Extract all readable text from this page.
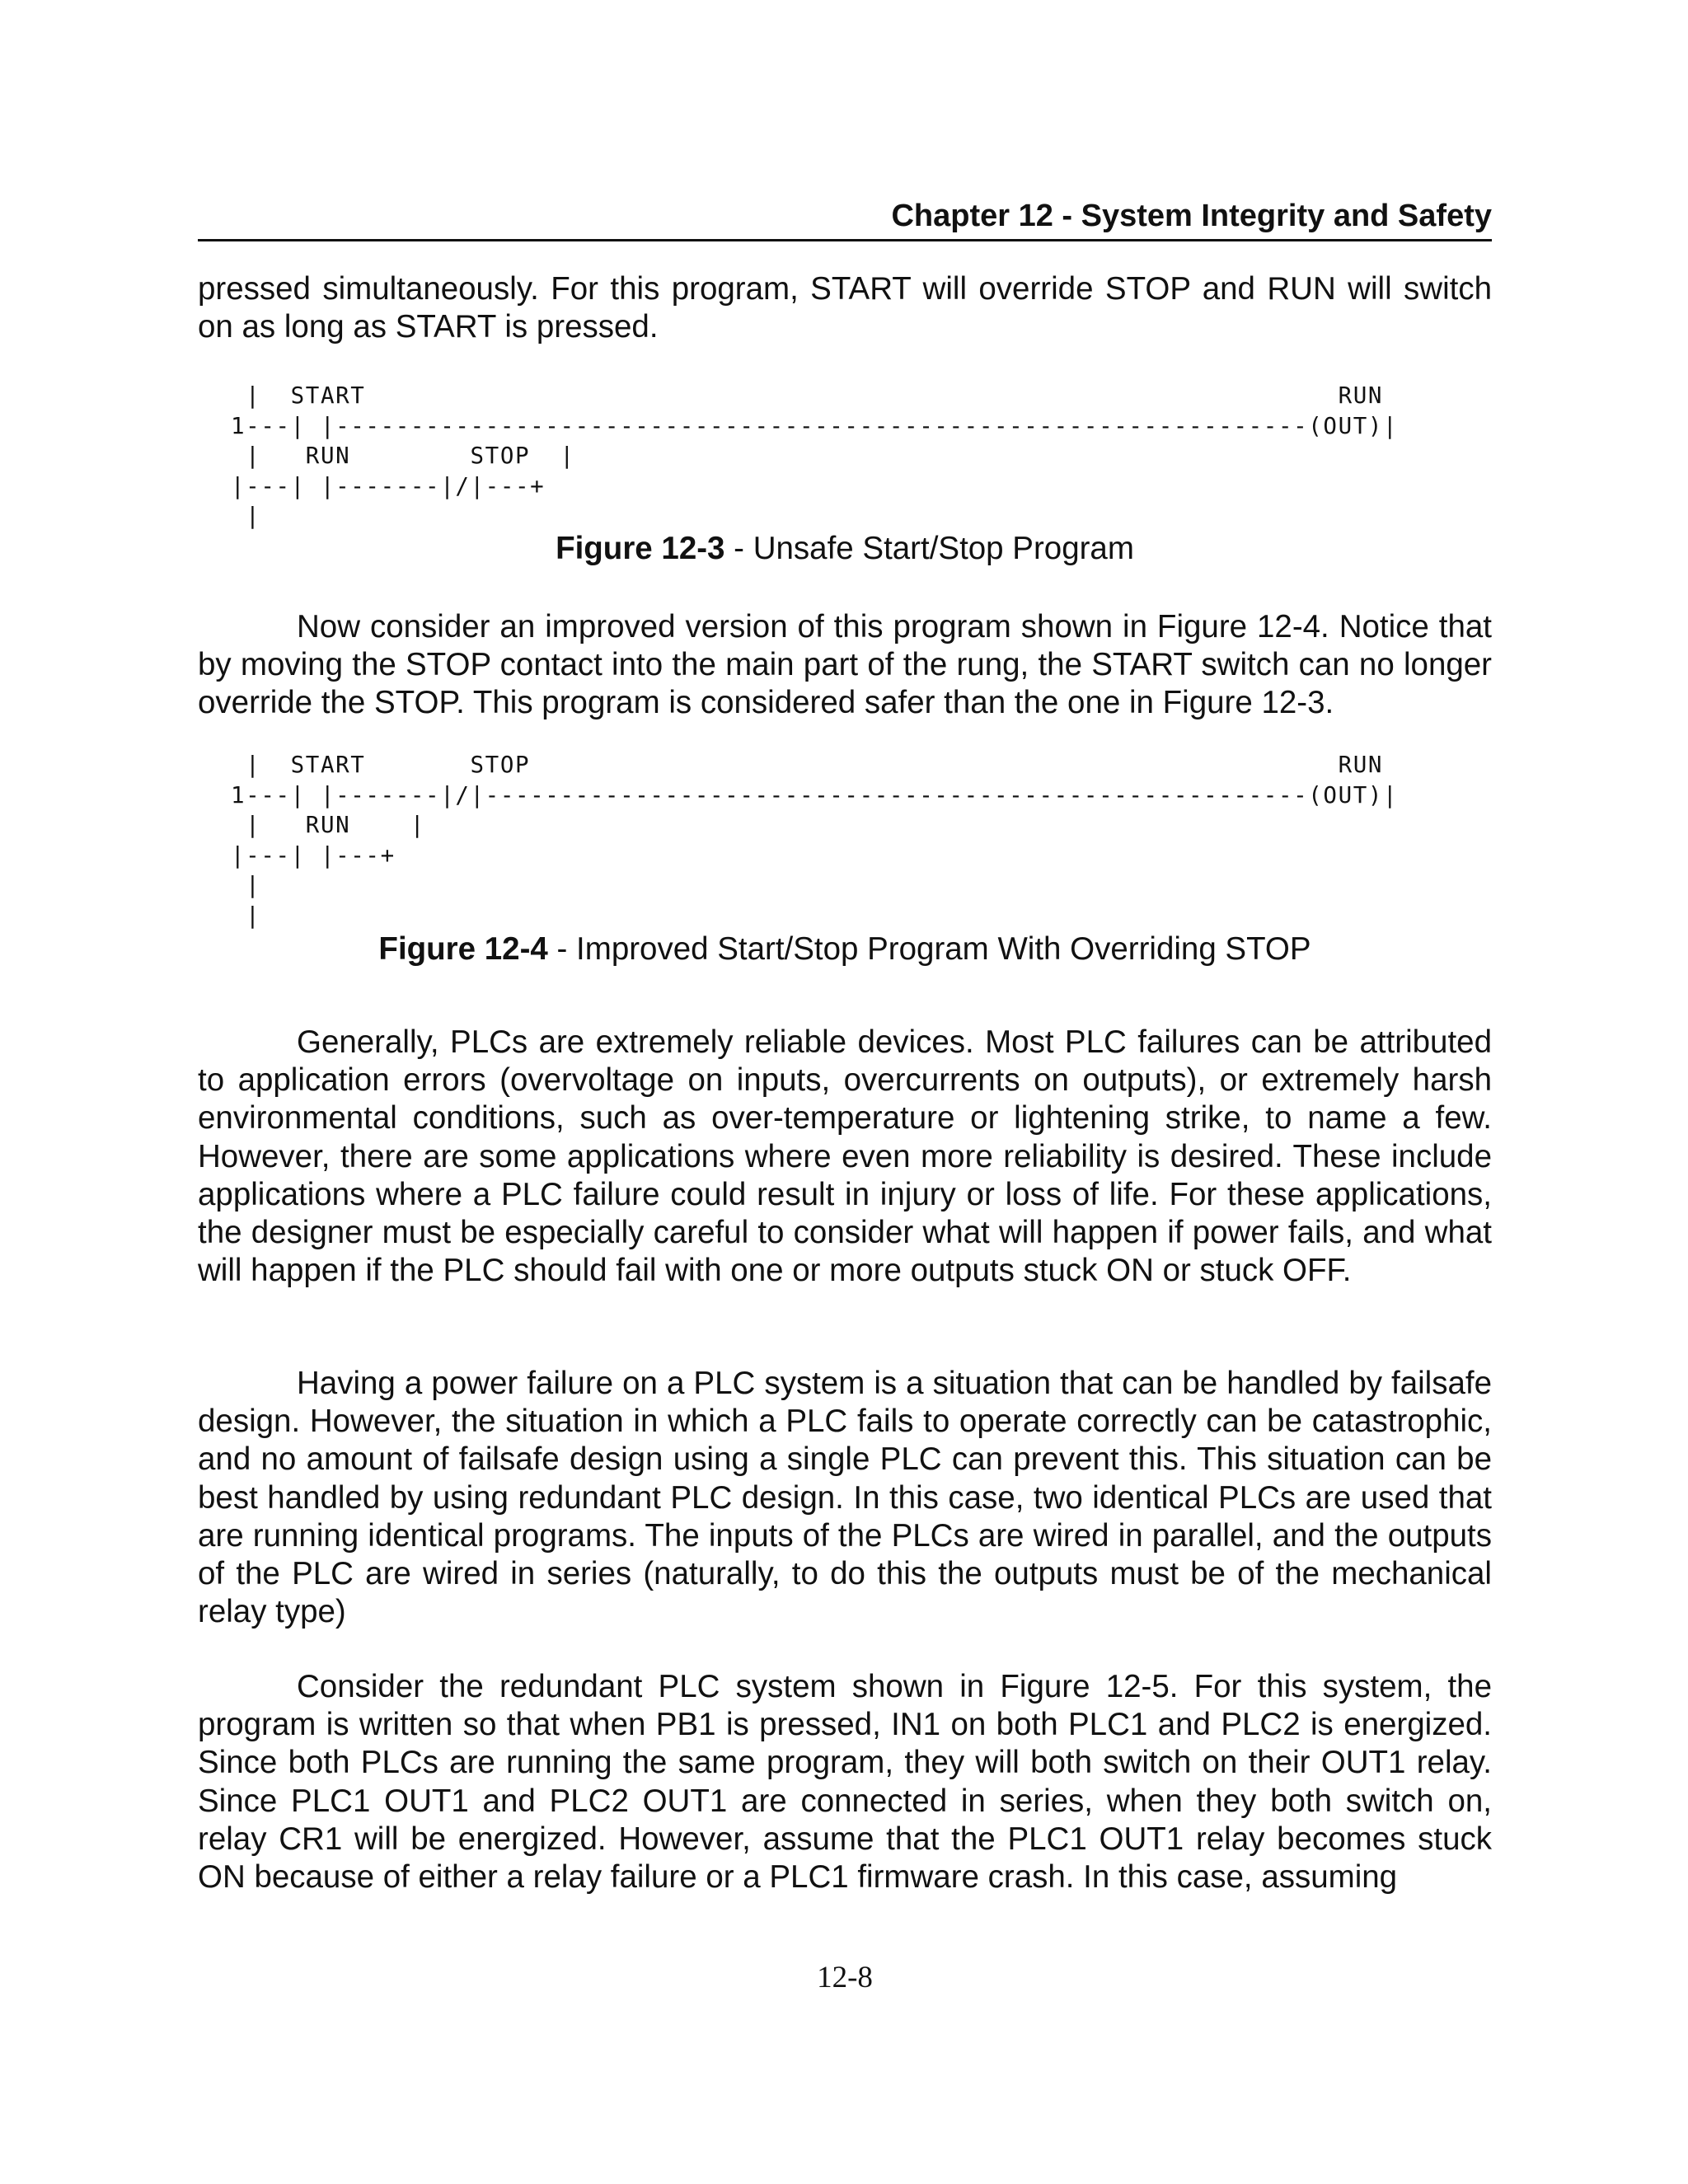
Chapter 12 - System Integrity and Safety

pressed simultaneously. For this program, START will override STOP and RUN will switch on as long as START is pressed.

|  START                                                                 RUN
1---| |-----------------------------------------------------------------(OUT)|
|   RUN        STOP  |
|---| |-------|/|---+
|
Figure 12-3 - Unsafe Start/Stop Program

Now consider an improved version of this program shown in Figure 12-4. Notice that by moving the STOP contact into the main part of the rung, the START switch can no longer override the STOP. This program is considered safer than the one in Figure 12-3.

|  START       STOP                                                      RUN
1---| |-------|/|-------------------------------------------------------(OUT)|
|   RUN    |
|---| |---+
|
|
Figure 12-4 - Improved Start/Stop Program With Overriding STOP

Generally, PLCs are extremely reliable devices. Most PLC failures can be attributed to application errors (overvoltage on inputs, overcurrents on outputs), or extremely harsh environmental conditions, such as over-temperature or lightening strike, to name a few. However, there are some applications where even more reliability is desired. These include applications where a PLC failure could result in injury or loss of life. For these applications, the designer must be especially careful to consider what will happen if power fails, and what will happen if the PLC should fail with one or more outputs stuck ON or stuck OFF.

Having a power failure on a PLC system is a situation that can be handled by failsafe design. However, the situation in which a PLC fails to operate correctly can be catastrophic, and no amount of failsafe design using a single PLC can prevent this. This situation can be best handled by using redundant PLC design. In this case, two identical PLCs are used that are running identical programs. The inputs of the PLCs are wired in parallel, and the outputs of the PLC are wired in series (naturally, to do this the outputs must be of the mechanical relay type)

Consider the redundant PLC system shown in Figure 12-5. For this system, the program is written so that when PB1 is pressed, IN1 on both PLC1 and PLC2 is energized. Since both PLCs are running the same program, they will both switch on their OUT1 relay. Since PLC1 OUT1 and PLC2 OUT1 are connected in series, when they both switch on, relay CR1 will be energized. However, assume that the PLC1 OUT1 relay becomes stuck ON because of either a relay failure or a PLC1 firmware crash. In this case, assuming

12-8
